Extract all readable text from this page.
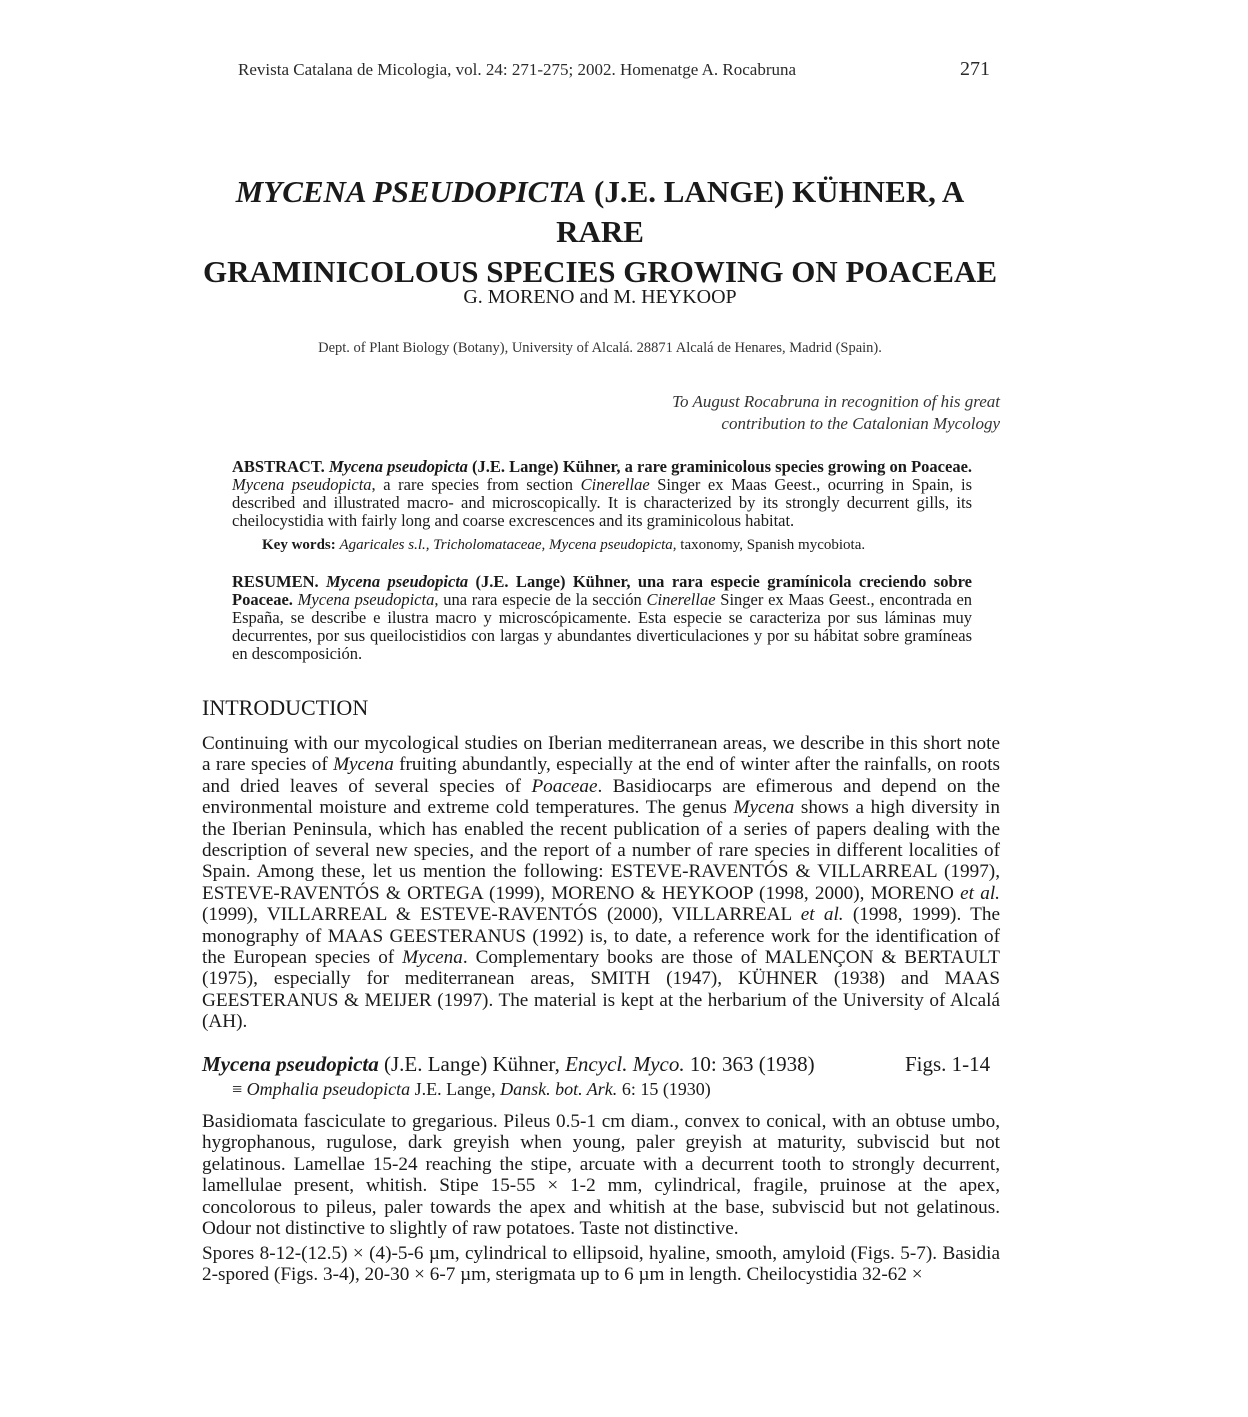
Revista Catalana de Micologia, vol. 24: 271-275; 2002. Homenatge A. Rocabruna	271
MYCENA PSEUDOPICTA (J.E. LANGE) KÜHNER, A RARE
GRAMINICOLOUS SPECIES GROWING ON POACEAE
G. MORENO and M. HEYKOOP
Dept. of Plant Biology (Botany), University of Alcalá. 28871 Alcalá de Henares, Madrid (Spain).
To August Rocabruna in recognition of his great
contribution to the Catalonian Mycology
ABSTRACT. Mycena pseudopicta (J.E. Lange) Kühner, a rare graminicolous species growing on Poaceae. Mycena pseudopicta, a rare species from section Cinerellae Singer ex Maas Geest., ocurring in Spain, is described and illustrated macro- and microscopically. It is characterized by its strongly decurrent gills, its cheilocystidia with fairly long and coarse excrescences and its graminicolous habitat.
Key words: Agaricales s.l., Tricholomataceae, Mycena pseudopicta, taxonomy, Spanish mycobiota.
RESUMEN. Mycena pseudopicta (J.E. Lange) Kühner, una rara especie gramínicola creciendo sobre Poaceae. Mycena pseudopicta, una rara especie de la sección Cinerellae Singer ex Maas Geest., encontrada en España, se describe e ilustra macro y microscópicamente. Esta especie se caracteriza por sus láminas muy decurrentes, por sus queilocistidios con largas y abundantes diverticulaciones y por su hábitat sobre gramíneas en descomposición.
INTRODUCTION
Continuing with our mycological studies on Iberian mediterranean areas, we describe in this short note a rare species of Mycena fruiting abundantly, especially at the end of winter after the rainfalls, on roots and dried leaves of several species of Poaceae. Basidiocarps are efimerous and depend on the environmental moisture and extreme cold temperatures. The genus Mycena shows a high diversity in the Iberian Peninsula, which has enabled the recent publication of a series of papers dealing with the description of several new species, and the report of a number of rare species in different localities of Spain. Among these, let us mention the following: ESTEVE-RAVENTÓS & VILLARREAL (1997), ESTEVE-RAVENTÓS & ORTEGA (1999), MORENO & HEYKOOP (1998, 2000), MORENO et al. (1999), VILLARREAL & ESTEVE-RAVENTÓS (2000), VILLARREAL et al. (1998, 1999). The monography of MAAS GEESTERANUS (1992) is, to date, a reference work for the identification of the European species of Mycena. Complementary books are those of MALENÇON & BERTAULT (1975), especially for mediterranean areas, SMITH (1947), KÜHNER (1938) and MAAS GEESTERANUS & MEIJER (1997). The material is kept at the herbarium of the University of Alcalá (AH).
Mycena pseudopicta (J.E. Lange) Kühner, Encycl. Myco. 10: 363 (1938)	Figs. 1-14
≡ Omphalia pseudopicta J.E. Lange, Dansk. bot. Ark. 6: 15 (1930)
Basidiomata fasciculate to gregarious. Pileus 0.5-1 cm diam., convex to conical, with an obtuse umbo, hygrophanous, rugulose, dark greyish when young, paler greyish at maturity, subviscid but not gelatinous. Lamellae 15-24 reaching the stipe, arcuate with a decurrent tooth to strongly decurrent, lamellulae present, whitish. Stipe 15-55 × 1-2 mm, cylindrical, fragile, pruinose at the apex, concolorous to pileus, paler towards the apex and whitish at the base, subviscid but not gelatinous. Odour not distinctive to slightly of raw potatoes. Taste not distinctive.
Spores 8-12-(12.5) × (4)-5-6 µm, cylindrical to ellipsoid, hyaline, smooth, amyloid (Figs. 5-7). Basidia 2-spored (Figs. 3-4), 20-30 × 6-7 µm, sterigmata up to 6 µm in length. Cheilocystidia 32-62 ×
